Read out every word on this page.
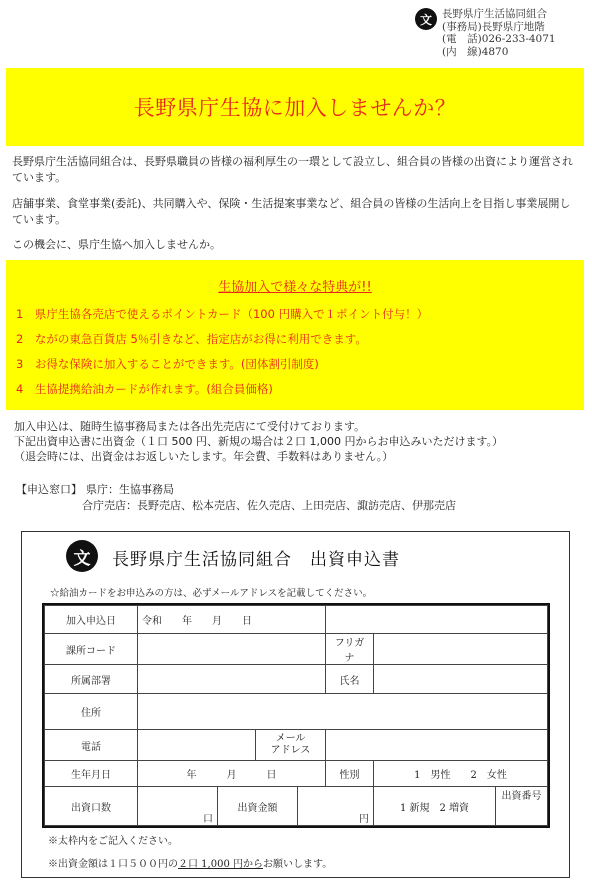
文 長野県庁生活協同組合
(事務局)長野県庁地階
(電　話)026-233-4071
(内　線)4870
長野県庁生協に加入しませんか？
長野県庁生活協同組合は、長野県職員の皆様の福利厚生の一環として設立し、組合員の皆様の出資により運営されています。
店舗事業、食堂事業(委託)、共同購入や、保険・生活提案事業など、組合員の皆様の生活向上を目指し事業展開しています。
この機会に、県庁生協へ加入しませんか。
生協加入で様々な特典が!!
1　県庁生協各売店で使えるポイントカード（100 円購入で１ポイント付与！）
2　ながの東急百貨店 5％引きなど、指定店がお得に利用できます。
3　お得な保険に加入することができます。(団体割引制度)
4　生協提携給油カードが作れます。(組合員価格)
加入申込は、随時生協事務局または各出先売店にて受付けております。
下記出資申込書に出資金（１口 500 円、新規の場合は２口 1,000 円からお申込みいただけます。）
（退会時には、出資金はお返しいたします。年会費、手数料はありません。）
【申込窓口】 県庁：生協事務局
合庁売店：長野売店、松本売店、佐久売店、上田売店、諏訪売店、伊那売店
文	長野県庁生活協同組合　出資申込書
☆給油カードをお申込みの方は、必ずメールアドレスを記載してください。
加入申込日	令和　　年　　月　　日						
課所コード					フリガナ		
所属部署					氏名		
住所							
電話			メール
アドレス				

生年月日	年　　　月　　　日				性別	1　男性　　2　女性	
出資口数	口	出資金額		円		1 新規　2 増資	出資番号
※太枠内をご記入ください。
※出資金額は１口５００円の２口 1,000 円からお願いします。
